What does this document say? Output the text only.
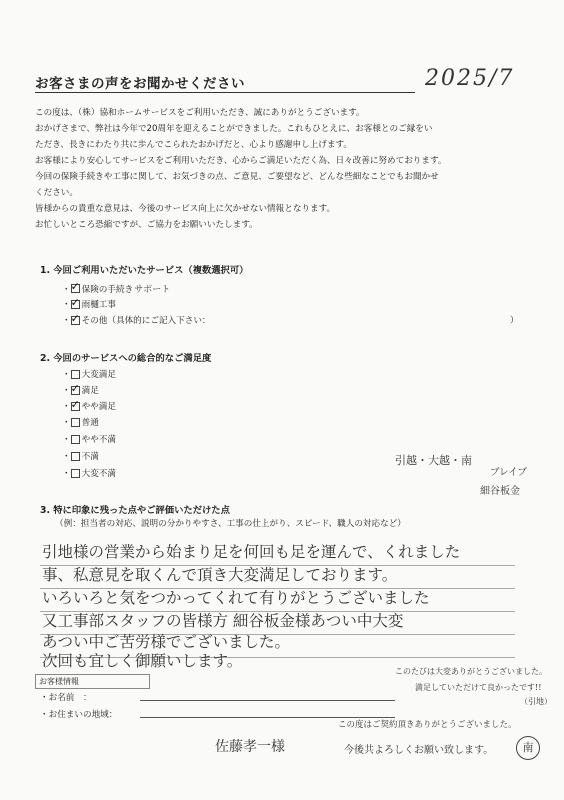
お客さまの声をお聞かせください	2025/7
この度は、（株）協和ホームサービスをご利用いただき、誠にありがとうございます。
おかげさまで、弊社は今年で20周年を迎えることができました。これもひとえに、お客様とのご縁をい
ただき、長きにわたり共に歩んでこられたおかげだと、心より感謝申し上げます。
お客様により安心してサービスをご利用いただき、心からご満足いただく為、日々改善に努めております。
今回の保険手続きや工事に関して、お気づきの点、ご意見、ご要望など、どんな些細なことでもお聞かせ
ください。
皆様からの貴重な意見は、今後のサービス向上に欠かせない情報となります。
お忙しいところ恐縮ですが、ご協力をお願いいたします。
1. 今回ご利用いただいたサービス（複数選択可）
・ ✓ 保険の手続き サポート
・ ✓ 雨樋工事
・ ✓ その他（具体的にご記入下さい：	）
2. 今回のサービスへの総合的なご満足度
・ 大変満足
・ ✓ 満足
・ ✓ やや満足
・ 普通
・ やや不満
・ 不満
・ 大変不満
引越・大越・南
ブレイブ
細谷板金
3. 特に印象に残った点やご評価いただけた点
（例：担当者の対応、説明の分かりやすさ、工事の仕上がり、スピード、職人の対応など）
引地様の営業から始まり足を何回も足を運んで、くれました
事、私意見を取くんで頂き大変満足しております。
いろいろと気をつかってくれて有りがとうございました
又工事部スタッフの皆様方 細谷板金様あつい中大変
あつい中ご苦労様でございました。
次回も宜しく御願いします。
このたびは大変ありがとうございました。
満足していただけて良かったです!!
（引地）
お客様情報
・お名前　：
・お住まいの地域：
この度はご契約頂きありがとうございました。
今後共よろしくお願い致します。	南
佐藤孝一様
